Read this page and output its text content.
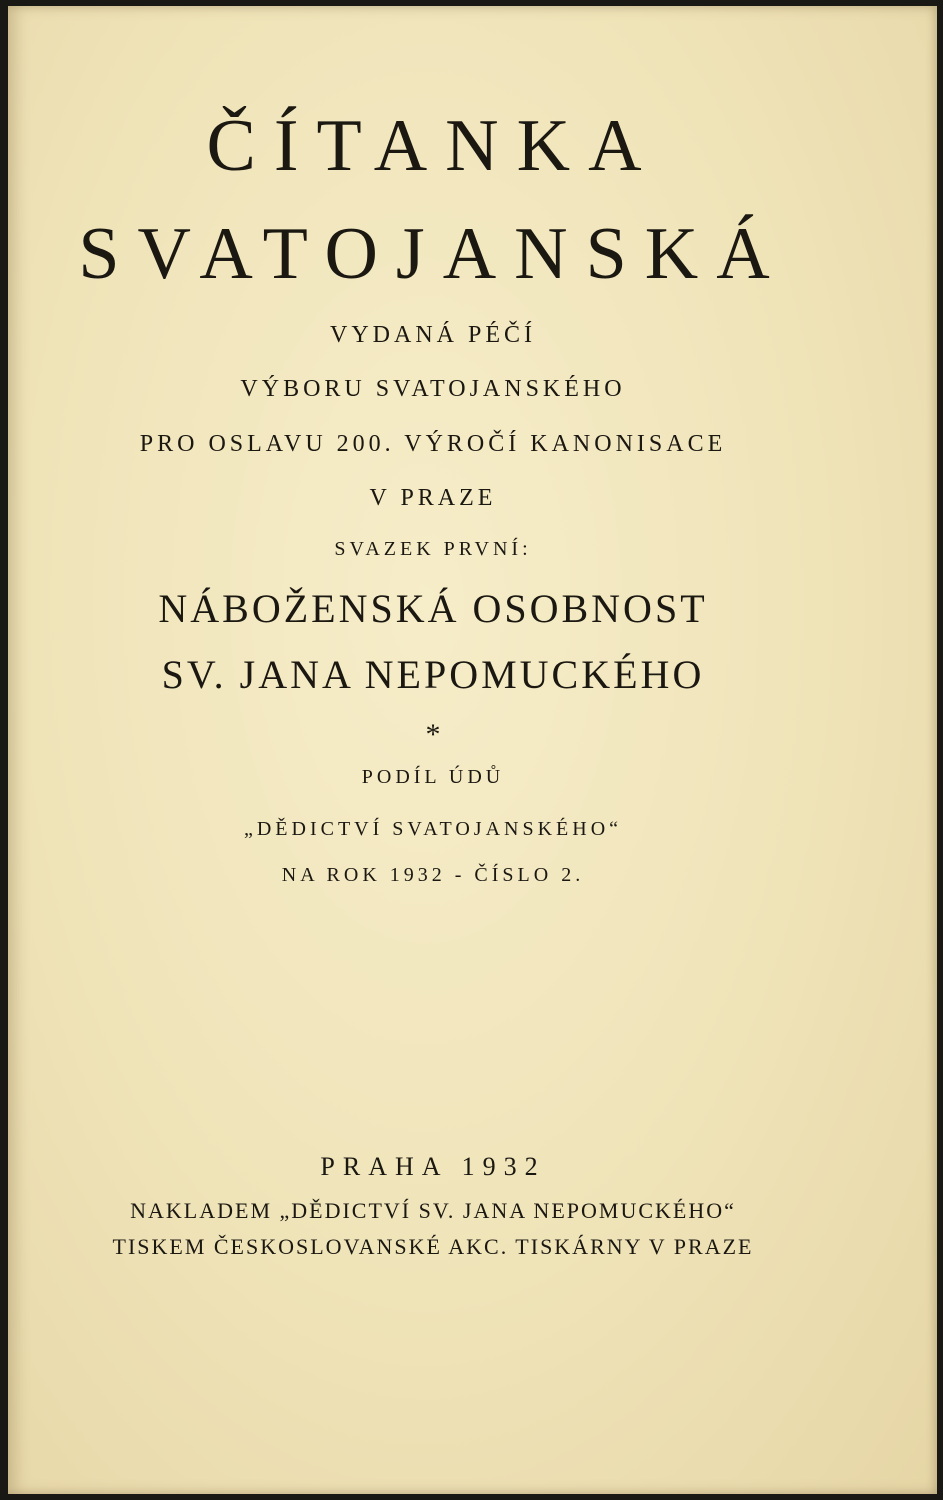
ČÍTANKA
SVATOJANSKÁ
VYDANÁ PÉČÍ
VÝBORU SVATOJANSKÉHO
PRO OSLAVU 200. VÝROČÍ KANONISACE
V PRAZE
SVAZEK PRVNÍ:
NÁBOŽENSKÁ OSOBNOST
SV. JANA NEPOMUCKÉHO
*
PODÍL ÚDŮ
„DĚDICTVÍ SVATOJANSKÉHO“
NA ROK 1932 - ČÍSLO 2.
PRAHA 1932
NAKLADEM „DĚDICTVÍ SV. JANA NEPOMUCKÉHO“
TISKEM ČESKOSLOVANSKÉ AKC. TISKÁRNY V PRAZE
